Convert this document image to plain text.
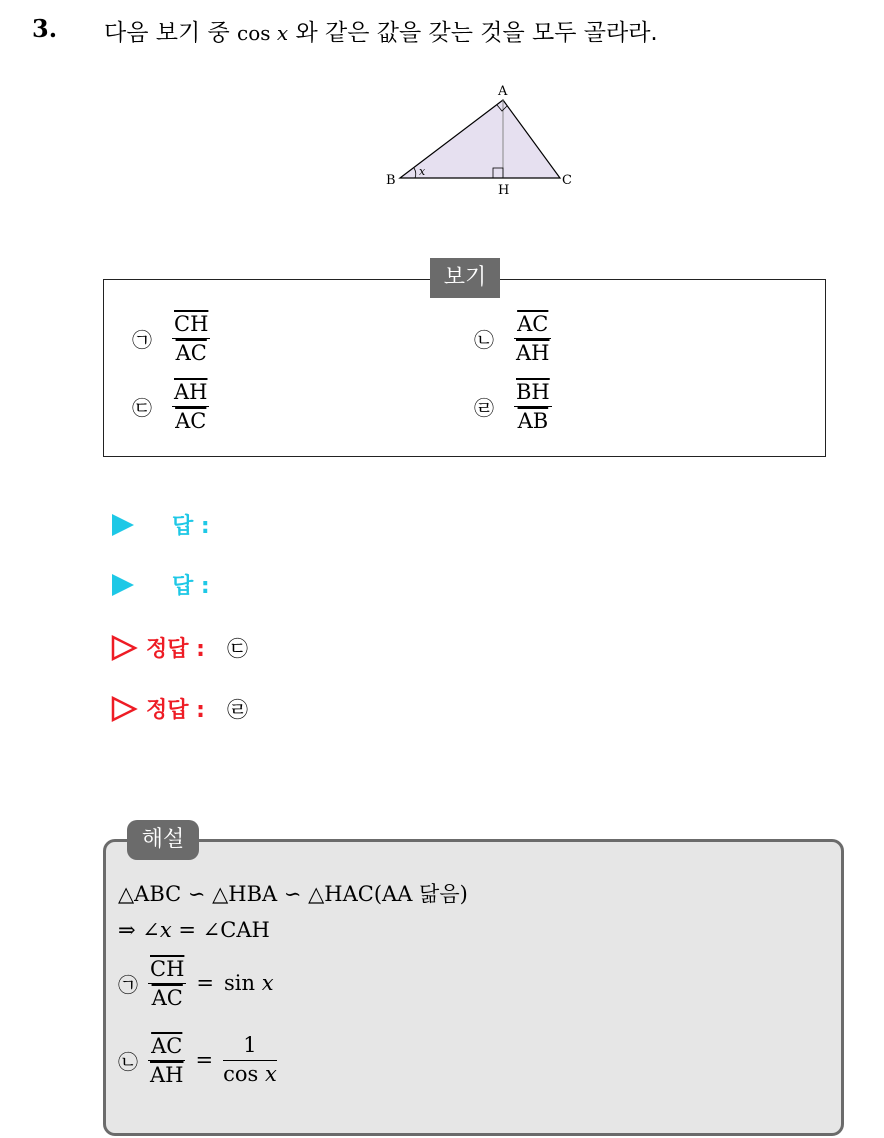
3. 다음 보기 중 cos x 와 같은 값을 갖는 것을 모두 골라라.
A
B	C
H
x
보기
㉠ $\frac{\overline{CH}}{AC}$	㉡ $\frac{\overline{AC}}{AH}$
㉢ $\frac{\overline{AH}}{AC}$	㉣ $\frac{\overline{BH}}{AB}$
답 :
답 :
정답 : ㉢
정답 : ㉣
해설
△ABC ∽ △HBA ∽ △HAC(AA 닮음)
⇒ ∠ x = ∠CAH
㉠ $\frac{\overline{CH}}{AC} = \sin$
x
㉡ $\frac{\overline{AC}}{AH} = \frac{1}{\text{cos x}}$
